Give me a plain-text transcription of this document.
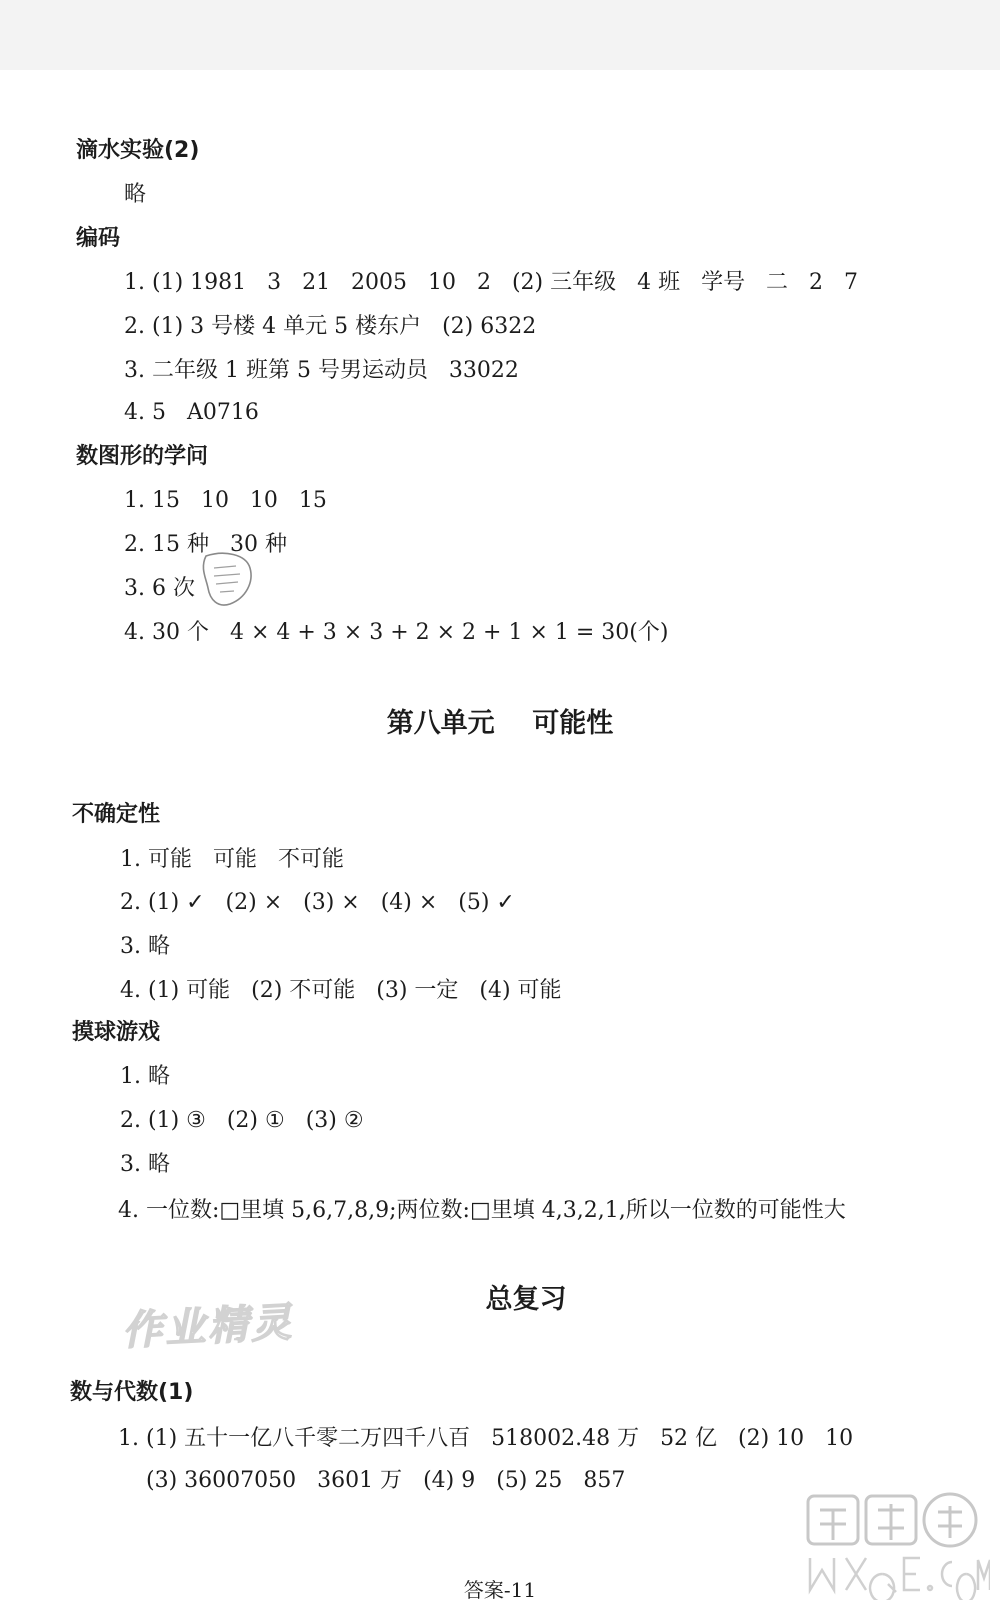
滴水实验(2)
略
编码
1. (1) 1981   3   21   2005   10   2   (2) 三年级   4 班   学号   二   2   7
2. (1) 3 号楼 4 单元 5 楼东户   (2) 6322
3. 二年级 1 班第 5 号男运动员   33022
4. 5   A0716
数图形的学问
1. 15   10   10   15
2. 15 种   30 种
3. 6 次
4. 30 个   4 × 4 + 3 × 3 + 2 × 2 + 1 × 1 = 30(个)
第八单元    可能性
不确定性
1. 可能   可能   不可能
2. (1) ✓   (2) ×   (3) ×   (4) ×   (5) ✓
3. 略
4. (1) 可能   (2) 不可能   (3) 一定   (4) 可能
摸球游戏
1. 略
2. (1) ③   (2) ①   (3) ②
3. 略
4. 一位数:□里填 5,6,7,8,9;两位数:□里填 4,3,2,1,所以一位数的可能性大
总复习
数与代数(1)
1. (1) 五十一亿八千零二万四千八百   518002.48 万   52 亿   (2) 10   10
(3) 36007050   3601 万   (4) 9   (5) 25   857
答案-11
作业精灵
